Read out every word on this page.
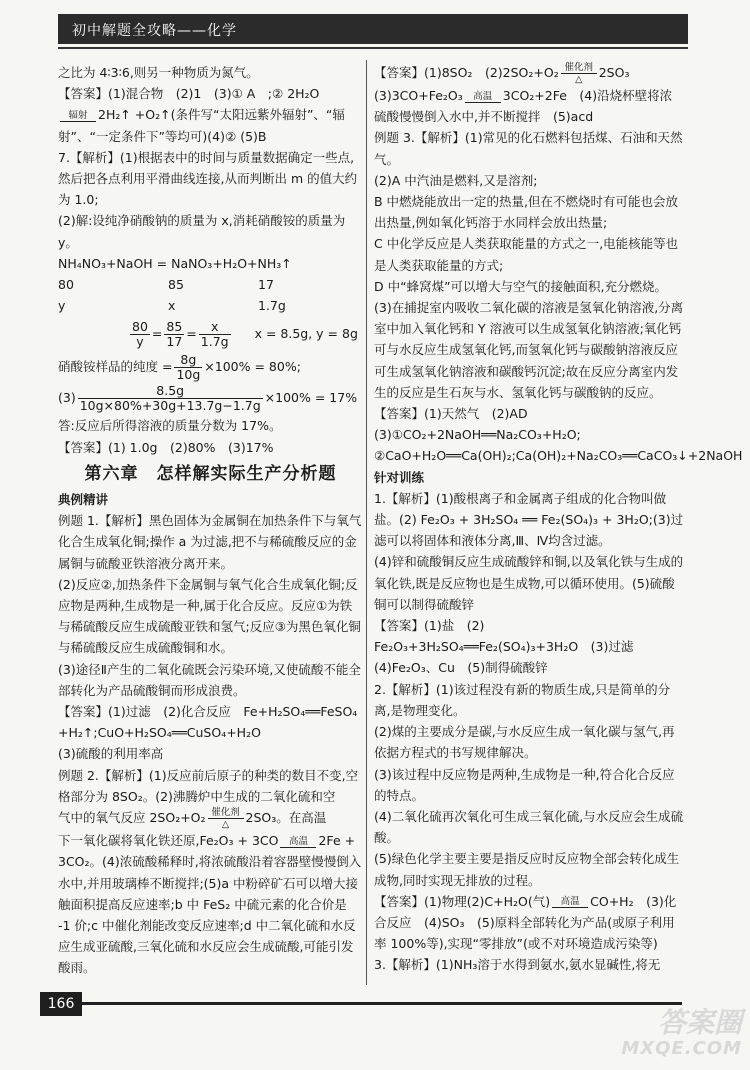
初中解题全攻略——化学

之比为 4∶3∶6,则另一种物质为氮气。

【答案】(1)混合物　(2)1　(3)① A　;② 2H₂O

辐射 2H₂↑ +O₂↑(条件写“太阳远紫外辐射”、“辐

射”、“一定条件下”等均可)(4)② (5)B

7.【解析】(1)根据表中的时间与质量数据确定一些点,然后把各点利用平滑曲线连接,从而判断出 m 的值大约为 1.0;

(2)解:设纯净硝酸钠的质量为 x,消耗硝酸铵的质量为 y。

NH₄NO₃+NaOH = NaNO₃+H₂O+NH₃↑

80	85	17
y	x	1.7g

$\frac{80}{y} = \frac{85}{17} = \frac{x}{1.7g}$ x = 8.5g, y = 8g

硝酸铵样品的纯度 = $\frac{8g}{10g} \times 100\% = 80\%$;

$(3) \frac{8.5g}{10g\times 80\%+30g+13.7g-1.7g} \times 100\% = 17\%$

答:反应后所得溶液的质量分数为 17%。

【答案】(1) 1.0g　(2)80%　(3)17%

第六章　怎样解实际生产分析题

典例精讲

例题 1.【解析】黑色固体为金属铜在加热条件下与氧气化合生成氧化铜;操作 a 为过滤,把不与稀硫酸反应的金属铜与硫酸亚铁溶液分离开来。

(2)反应②,加热条件下金属铜与氧气化合生成氧化铜;反应物是两种,生成物是一种,属于化合反应。反应①为铁与稀硫酸反应生成硫酸亚铁和氢气;反应③为黑色氧化铜与稀硫酸反应生成硫酸铜和水。

(3)途径Ⅱ产生的二氧化硫既会污染环境,又使硫酸不能全部转化为产品硫酸铜而形成浪费。

【答案】(1)过滤　(2)化合反应　Fe+H₂SO₄══FeSO₄ +H₂↑;CuO+H₂SO₄══CuSO₄+H₂O

(3)硫酸的利用率高

例题 2.【解析】(1)反应前后原子的种类的数目不变,空格部分为 8SO₂。(2)沸腾炉中生成的二氧化硫和空

气中的氧气反应 2SO₂+O₂ 催化剂
△	2SO₃。在高温

下一氧化碳将氧化铁还原,Fe₂O₃ + 3CO	高温 2Fe +

3CO₂。(4)浓硫酸稀释时,将浓硫酸沿着容器壁慢慢倒入水中,并用玻璃棒不断搅拌;(5)a 中粉碎矿石可以增大接触面积提高反应速率;b 中 FeS₂ 中硫元素的化合价是 -1 价;c 中催化剂能改变反应速率;d 中二氧化硫和水反应生成亚硫酸,三氧化硫和水反应会生成硫酸,可能引发酸雨。

【答案】(1)8SO₂　(2)2SO₂+O₂ 催化剂
△	2SO₃

(3)3CO+Fe₂O₃	高温 3CO₂+2Fe　(4)沿烧杯壁将浓硫酸慢慢倒入水中,并不断搅拌　(5)acd

例题 3.【解析】(1)常见的化石燃料包括煤、石油和天然气。

(2)A 中汽油是燃料,又是溶剂;

B 中燃烧能放出一定的热量,但在不燃烧时有可能也会放出热量,例如氧化钙溶于水同样会放出热量;

C 中化学反应是人类获取能量的方式之一,电能核能等也是人类获取能量的方式;

D 中“蜂窝煤”可以增大与空气的接触面积,充分燃烧。

(3)在捕捉室内吸收二氧化碳的溶液是氢氧化钠溶液,分离室中加入氧化钙和 Y 溶液可以生成氢氧化钠溶液;氧化钙可与水反应生成氢氧化钙,而氢氧化钙与碳酸钠溶液反应可生成氢氧化钠溶液和碳酸钙沉淀;故在反应分离室内发生的反应是生石灰与水、氢氧化钙与碳酸钠的反应。

【答案】(1)天然气　(2)AD

(3)①CO₂+2NaOH══Na₂CO₃+H₂O;

②CaO+H₂O══Ca(OH)₂;Ca(OH)₂+Na₂CO₃══CaCO₃↓+2NaOH

针对训练

1.【解析】(1)酸根离子和金属离子组成的化合物叫做盐。(2) Fe₂O₃ + 3H₂SO₄ ══ Fe₂(SO₄)₃ + 3H₂O;(3)过滤可以将固体和液体分离,Ⅲ、Ⅳ均含过滤。

(4)锌和硫酸铜反应生成硫酸锌和铜,以及氧化铁与生成的氧化铁,既是反应物也是生成物,可以循环使用。(5)硫酸铜可以制得硫酸锌

【答案】(1)盐　(2) Fe₂O₃+3H₂SO₄══Fe₂(SO₄)₃+3H₂O　(3)过滤　(4)Fe₂O₃、Cu　(5)制得硫酸锌

2.【解析】(1)该过程没有新的物质生成,只是简单的分离,是物理变化。

(2)煤的主要成分是碳,与水反应生成一氧化碳与氢气,再依据方程式的书写规律解决。

(3)该过程中反应物是两种,生成物是一种,符合化合反应的特点。

(4)二氧化硫再次氧化可生成三氧化硫,与水反应会生成硫酸。

(5)绿色化学主要主要是指反应时反应物全部会转化成生成物,同时实现无排放的过程。

【答案】(1)物理(2)C+H₂O(气)	高温 CO+H₂　(3)化合反应　(4)SO₃　(5)原料全部转化为产品(或原子利用率 100%等),实现“零排放”(或不对环境造成污染等)

3.【解析】(1)NH₃溶于水得到氨水,氨水显碱性,将无

166
答案圈
MXQE.COM
